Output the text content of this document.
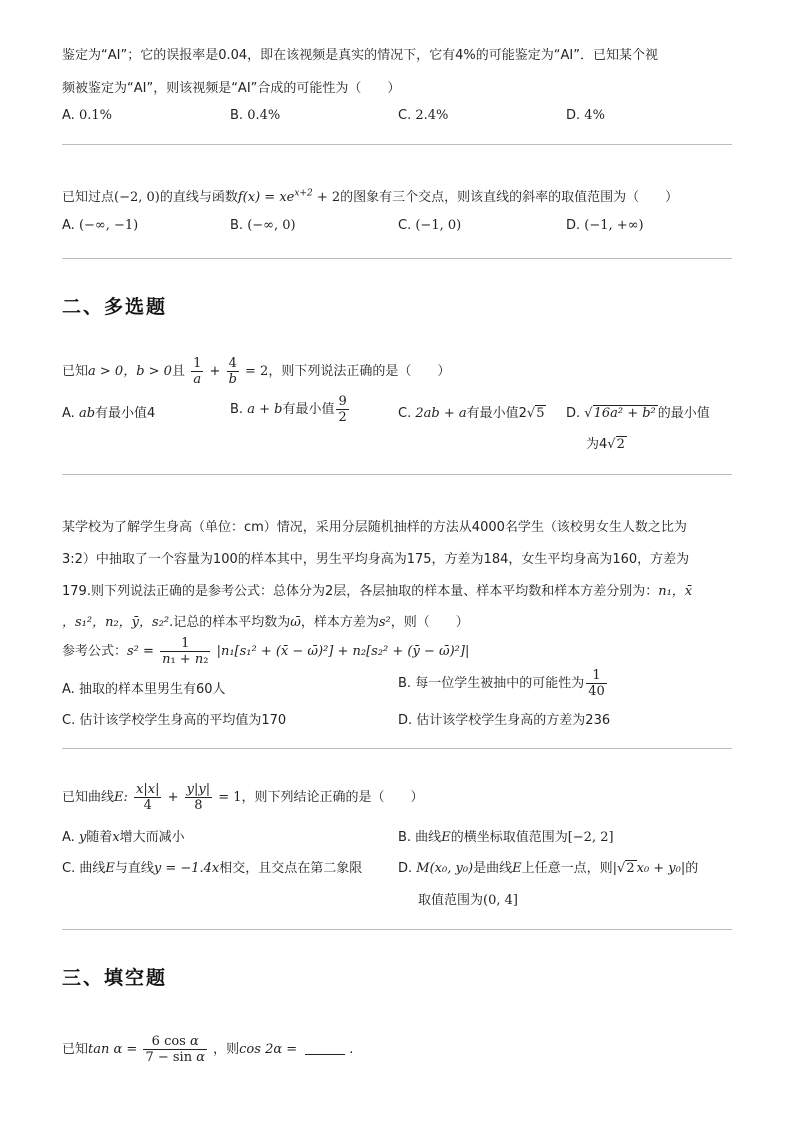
鉴定为“AI”；它的误报率是0.04，即在该视频是真实的情况下，它有4%的可能鉴定为“AI”．已知某个视
频被鉴定为“AI”，则该视频是“AI”合成的可能性为（　　）
A. 0.1%	B. 0.4%	C. 2.4%	D. 4%
已知过点(−2, 0)的直线与函数$f(x) = xe^{x+2} + 2$的图象有三个交点，则该直线的斜率的取值范围为（　　）
A. (−∞, −1)	B. (−∞, 0)	C. (−1, 0)	D. (−1, +∞)
二、多选题
已知a > 0，b > 0且 $\frac{1}{a} + \frac{4}{b} = 2$，则下列说法正确的是（　　）
A. ab有最小值4	B. a + b有最小值 $\frac{9}{2}$	C. 2ab + a有最小值2√5 D. √16a² + b² 的最小值
为4√2
某学校为了解学生身高（单位：cm）情况，采用分层随机抽样的方法从4000名学生（该校男女生人数之比为
3:2）中抽取了一个容量为100的样本其中，男生平均身高为175，方差为184，女生平均身高为160，方差为
179.则下列说法正确的是参考公式：总体分为2层，各层抽取的样本量、样本平均数和样本方差分别为：n₁，x̄
，s₁²，n₂，ȳ，s₂².记总的样本平均数为ω̄，样本方差为s²，则（　　）
参考公式：$s^2 = \frac{1}{\text{n₁ + n₂}} |n_1[s_1^2$ + (x̄ − ω̄)²] + n₂[s₂² + (ȳ − ω̄)²]|
A. 抽取的样本里男生有60人	B. 每一位学生被抽中的可能性为 $\frac{1}{40}$
C. 估计该学校学生身高的平均值为170	D. 估计该学校学生身高的方差为236
已知曲线E: $\frac{x|x|}{4} + \frac{y|y|}{8} = 1$，则下列结论正确的是（　　）
A. y随着x增大而减小	B. 曲线E的横坐标取值范围为[−2, 2]
C. 曲线E与直线y = −1.4x相交，且交点在第二象限	D. M(x₀, y₀)是曲线E上任意一点，则|√2 x₀ + y₀|的
取值范围为(0, 4]
三、填空题
已知$\tan \alpha = \frac{\text{6 cos α}}{\text{7 − sin α}}$ ，则cos 2α =	.
